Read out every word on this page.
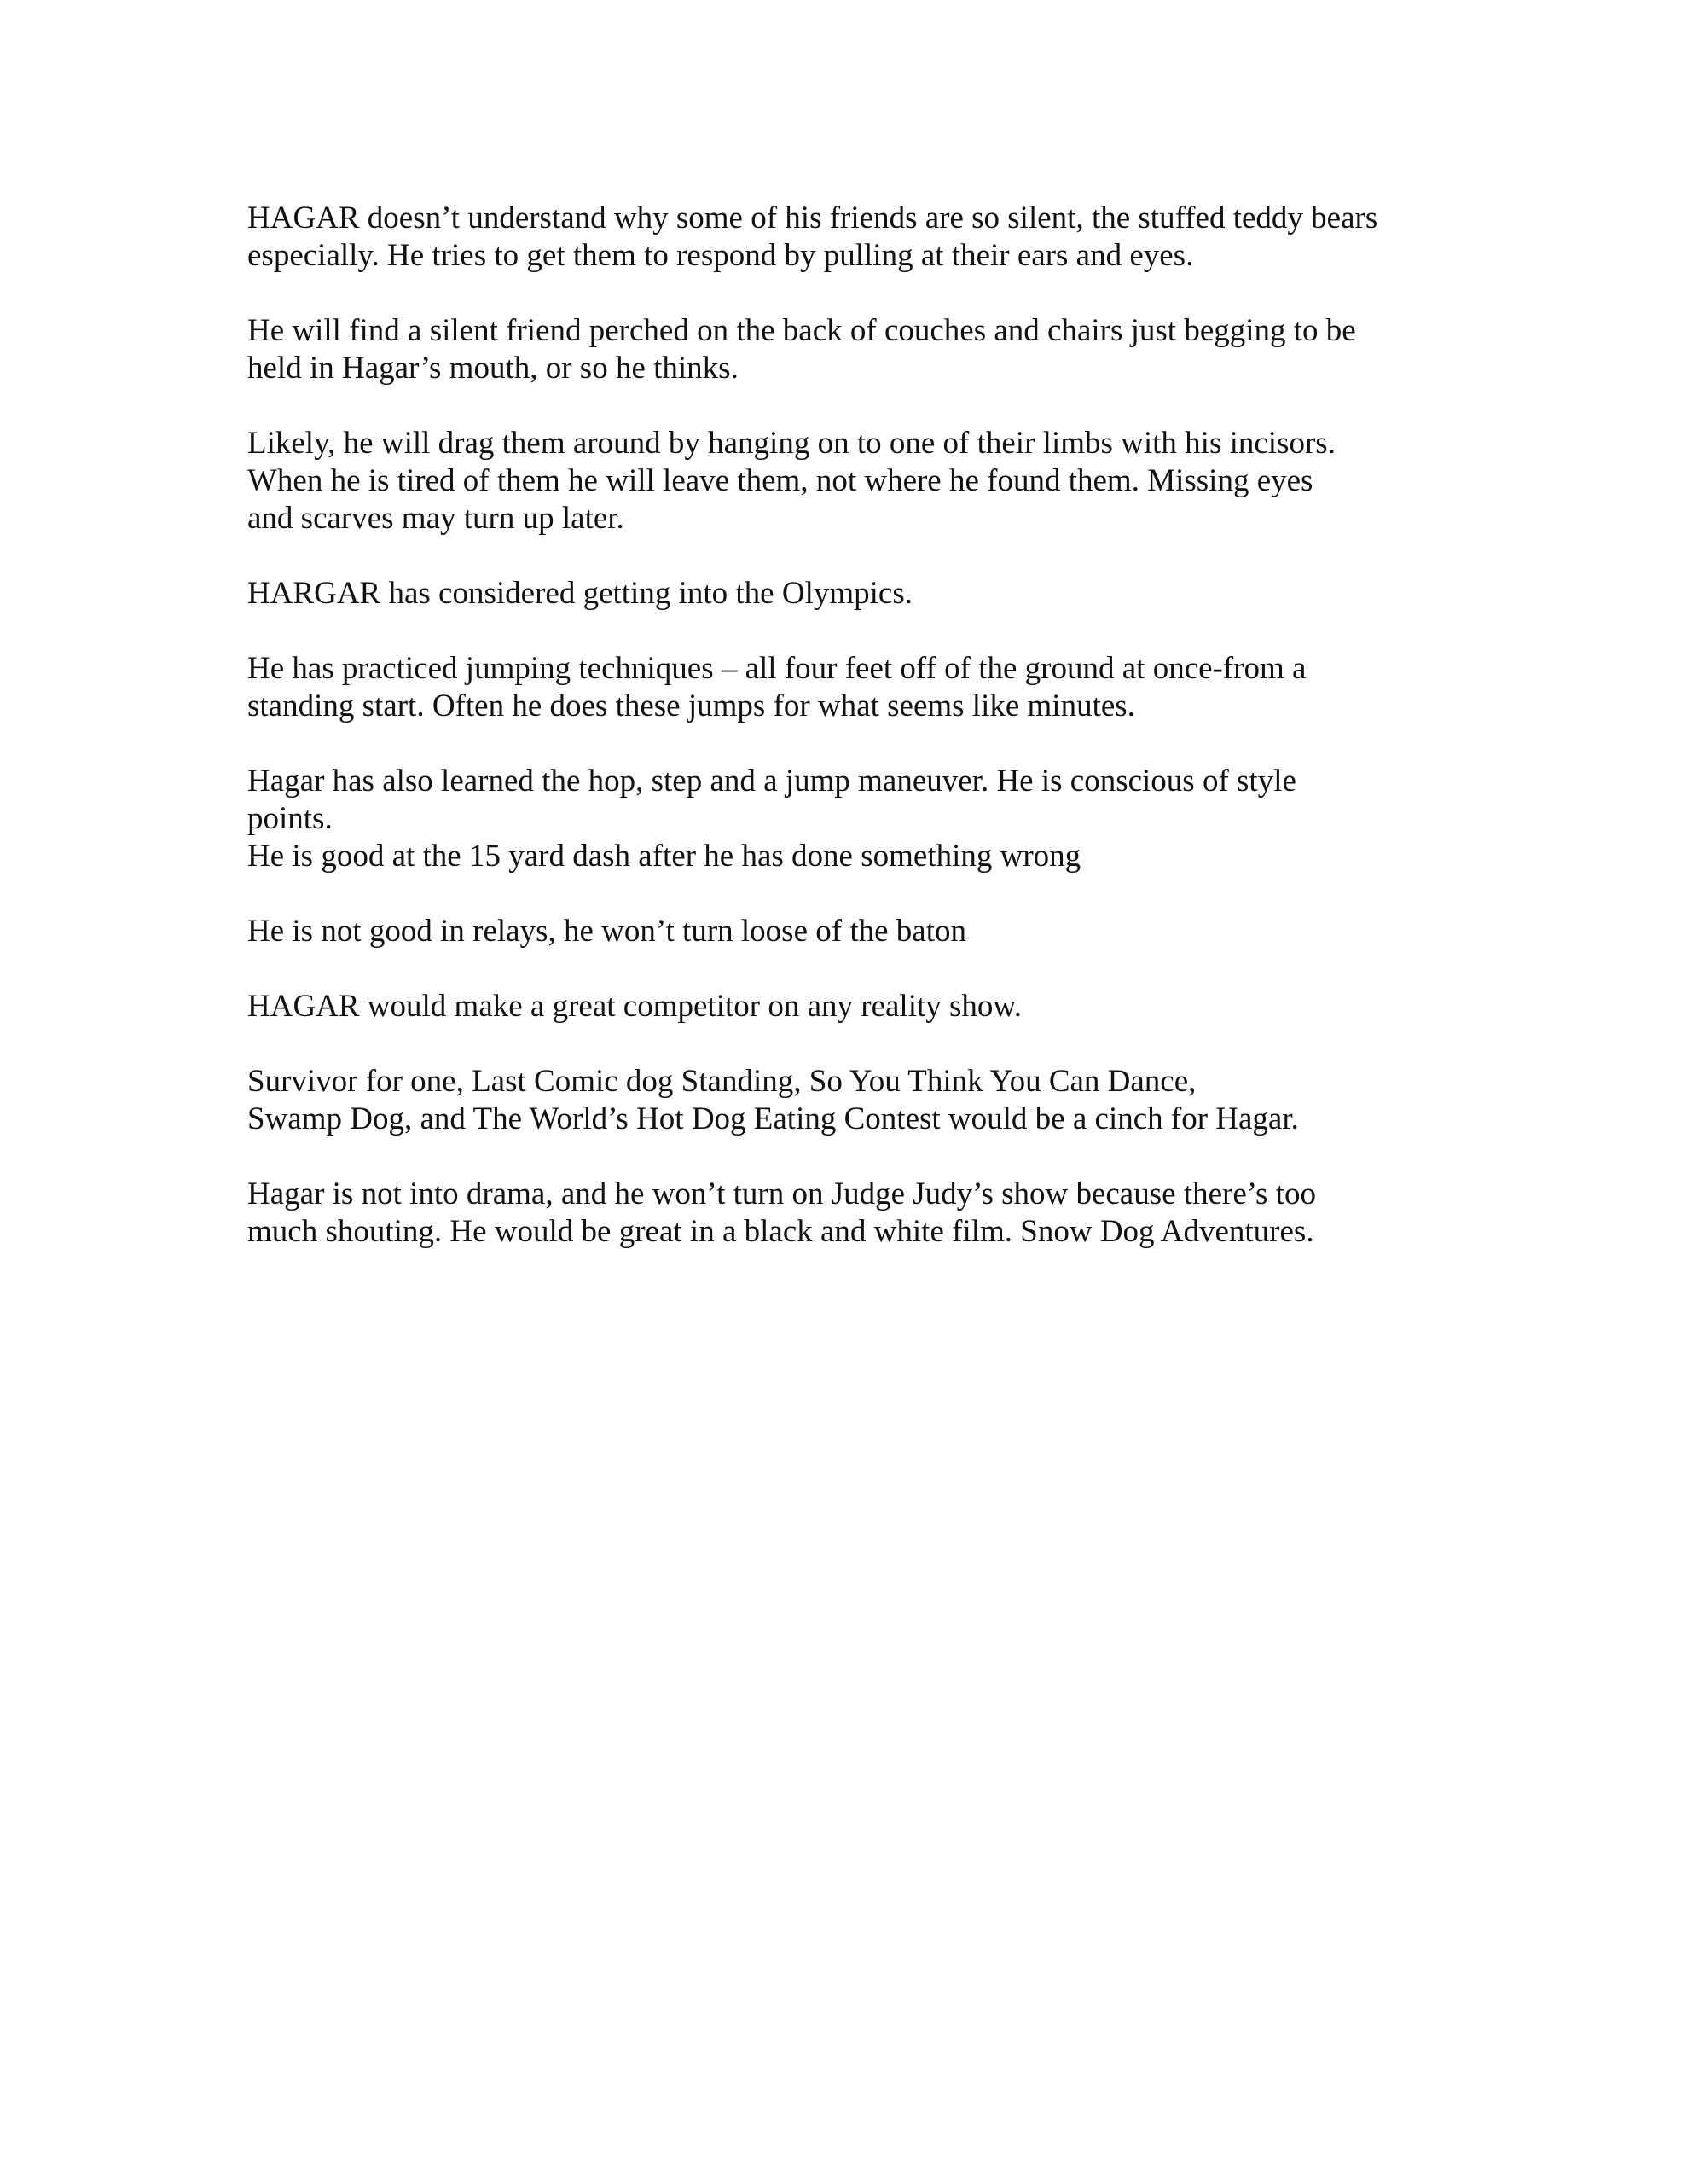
HAGAR doesn’t understand why some of his friends are so silent, the stuffed teddy bears
especially. He tries to get them to respond by pulling at their ears and eyes.

He will find a silent friend perched on the back of couches and chairs just begging to be
held in Hagar’s mouth, or so he thinks.

Likely, he will drag them around by hanging on to one of their limbs with his incisors.
When he is tired of them he will leave them, not where he found them. Missing eyes
and scarves may turn up later.

HARGAR has considered getting into the Olympics.

He has practiced jumping techniques – all four feet off of the ground at once-from a
standing start. Often he does these jumps for what seems like minutes.

Hagar has also learned the hop, step and a jump maneuver. He is conscious of style
points.

He is good at the 15 yard dash after he has done something wrong

He is not good in relays, he won’t turn loose of the baton

HAGAR would make a great competitor on any reality show.

Survivor for one, Last Comic dog Standing, So You Think You Can Dance,
Swamp Dog, and The World’s Hot Dog Eating Contest would be a cinch for Hagar.

Hagar is not into drama, and he won’t turn on Judge Judy’s show because there’s too
much shouting. He would be great in a black and white film. Snow Dog Adventures.
